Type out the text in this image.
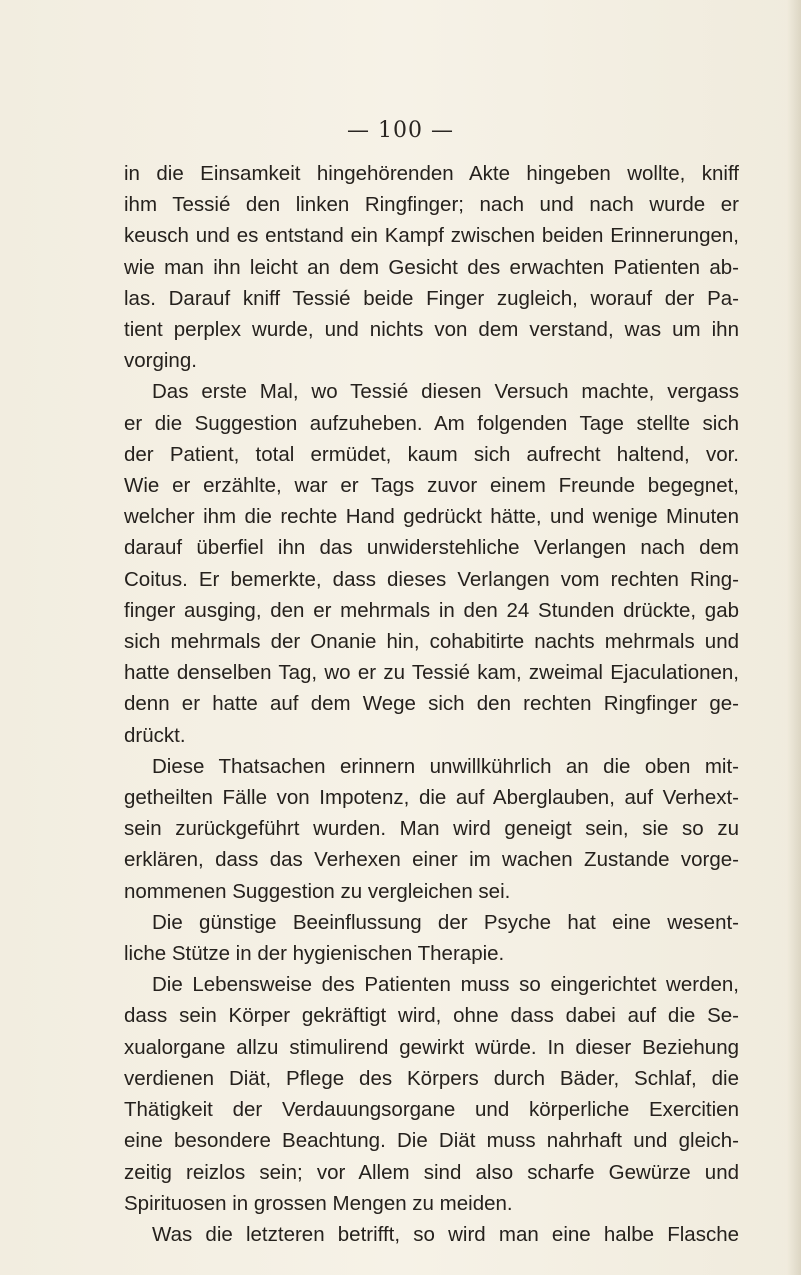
— 100 —
in die Einsamkeit hingehörenden Akte hingeben wollte, kniff
ihm Tessié den linken Ringfinger; nach und nach wurde er
keusch und es entstand ein Kampf zwischen beiden Erinnerungen,
wie man ihn leicht an dem Gesicht des erwachten Patienten ab-
las. Darauf kniff Tessié beide Finger zugleich, worauf der Pa-
tient perplex wurde, und nichts von dem verstand, was um ihn
vorging.
Das erste Mal, wo Tessié diesen Versuch machte, vergass
er die Suggestion aufzuheben. Am folgenden Tage stellte sich
der Patient, total ermüdet, kaum sich aufrecht haltend, vor.
Wie er erzählte, war er Tags zuvor einem Freunde begegnet,
welcher ihm die rechte Hand gedrückt hätte, und wenige Minuten
darauf überfiel ihn das unwiderstehliche Verlangen nach dem
Coitus. Er bemerkte, dass dieses Verlangen vom rechten Ring-
finger ausging, den er mehrmals in den 24 Stunden drückte, gab
sich mehrmals der Onanie hin, cohabitirte nachts mehrmals und
hatte denselben Tag, wo er zu Tessié kam, zweimal Ejaculationen,
denn er hatte auf dem Wege sich den rechten Ringfinger ge-
drückt.
Diese Thatsachen erinnern unwillkührlich an die oben mit-
getheilten Fälle von Impotenz, die auf Aberglauben, auf Verhext-
sein zurückgeführt wurden. Man wird geneigt sein, sie so zu
erklären, dass das Verhexen einer im wachen Zustande vorge-
nommenen Suggestion zu vergleichen sei.
Die günstige Beeinflussung der Psyche hat eine wesent-
liche Stütze in der hygienischen Therapie.
Die Lebensweise des Patienten muss so eingerichtet werden,
dass sein Körper gekräftigt wird, ohne dass dabei auf die Se-
xualorgane allzu stimulirend gewirkt würde. In dieser Beziehung
verdienen Diät, Pflege des Körpers durch Bäder, Schlaf, die
Thätigkeit der Verdauungsorgane und körperliche Exercitien
eine besondere Beachtung. Die Diät muss nahrhaft und gleich-
zeitig reizlos sein; vor Allem sind also scharfe Gewürze und
Spirituosen in grossen Mengen zu meiden.
Was die letzteren betrifft, so wird man eine halbe Flasche
